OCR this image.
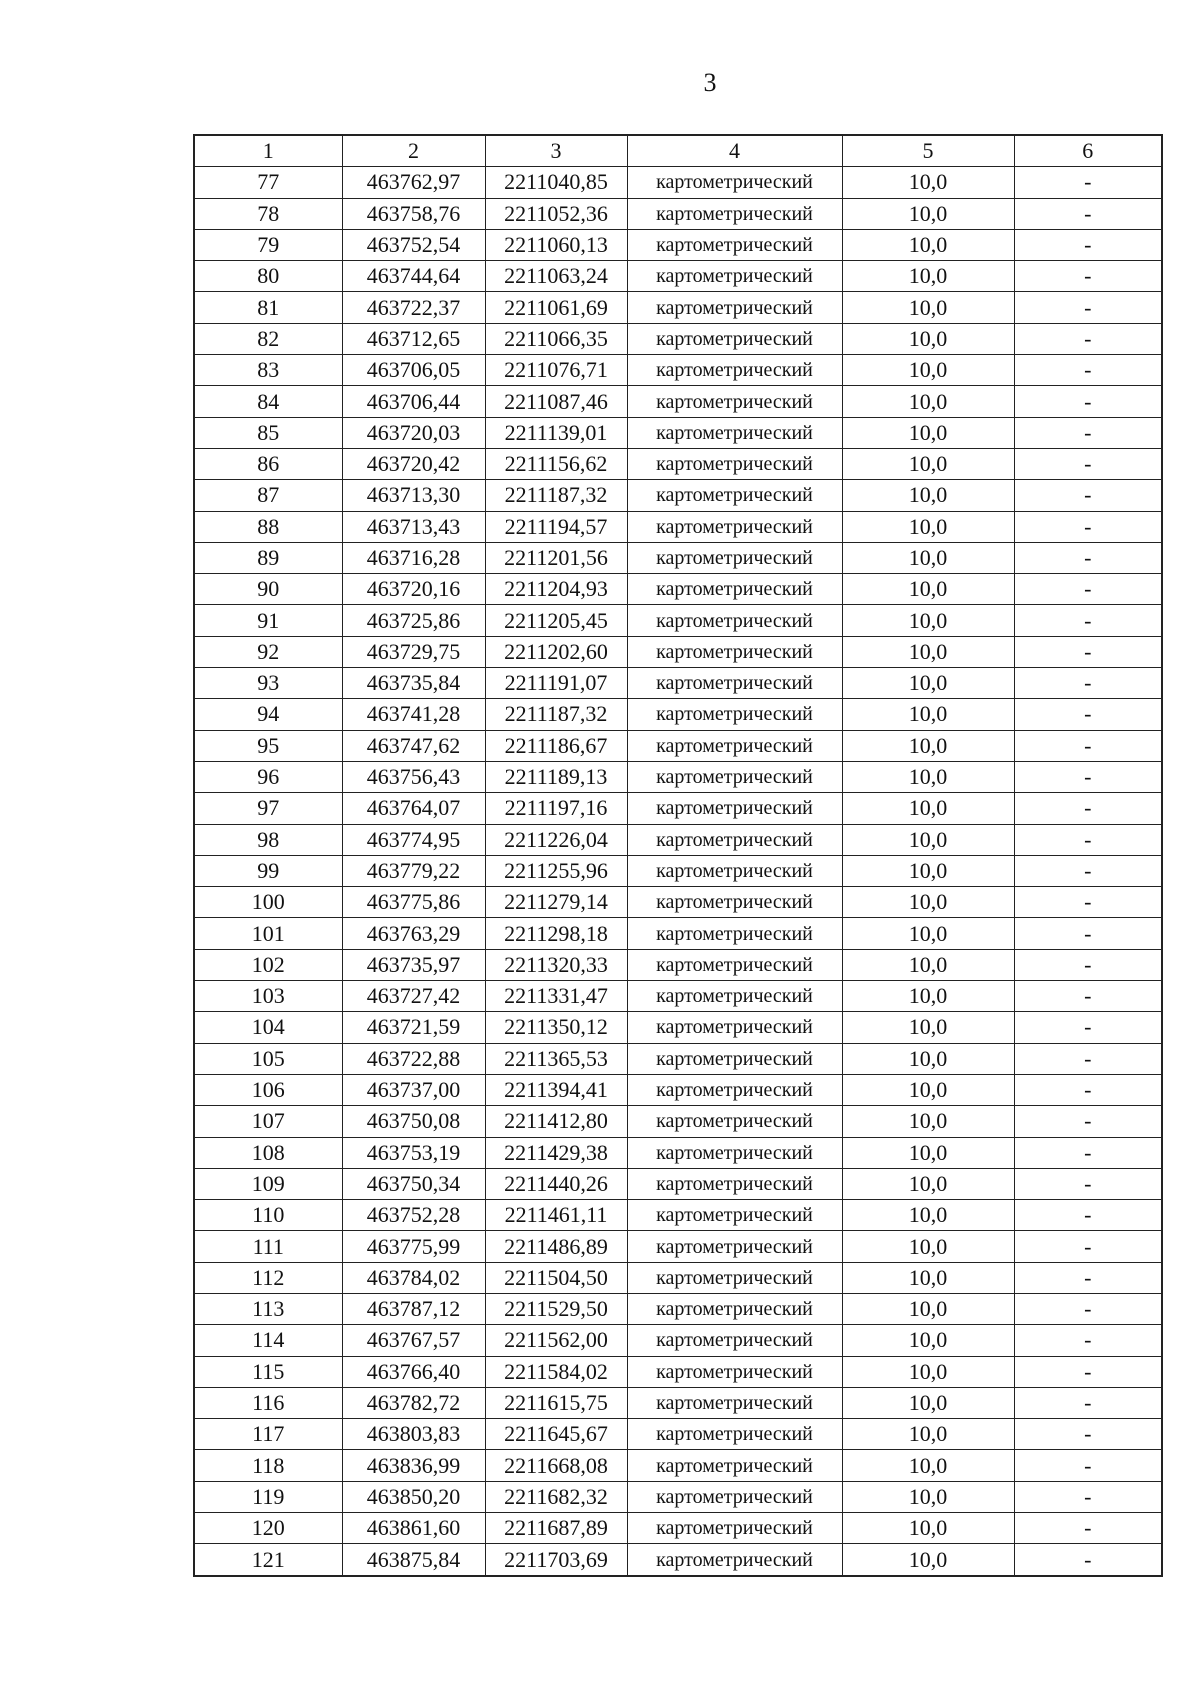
3
1	2	3	4	5	6
77	463762,97	2211040,85	картометрический	10,0	-
78	463758,76	2211052,36	картометрический	10,0	-
79	463752,54	2211060,13	картометрический	10,0	-
80	463744,64	2211063,24	картометрический	10,0	-
81	463722,37	2211061,69	картометрический	10,0	-
82	463712,65	2211066,35	картометрический	10,0	-
83	463706,05	2211076,71	картометрический	10,0	-
84	463706,44	2211087,46	картометрический	10,0	-
85	463720,03	2211139,01	картометрический	10,0	-
86	463720,42	2211156,62	картометрический	10,0	-
87	463713,30	2211187,32	картометрический	10,0	-
88	463713,43	2211194,57	картометрический	10,0	-
89	463716,28	2211201,56	картометрический	10,0	-
90	463720,16	2211204,93	картометрический	10,0	-
91	463725,86	2211205,45	картометрический	10,0	-
92	463729,75	2211202,60	картометрический	10,0	-
93	463735,84	2211191,07	картометрический	10,0	-
94	463741,28	2211187,32	картометрический	10,0	-
95	463747,62	2211186,67	картометрический	10,0	-
96	463756,43	2211189,13	картометрический	10,0	-
97	463764,07	2211197,16	картометрический	10,0	-
98	463774,95	2211226,04	картометрический	10,0	-
99	463779,22	2211255,96	картометрический	10,0	-
100	463775,86	2211279,14	картометрический	10,0	-
101	463763,29	2211298,18	картометрический	10,0	-
102	463735,97	2211320,33	картометрический	10,0	-
103	463727,42	2211331,47	картометрический	10,0	-
104	463721,59	2211350,12	картометрический	10,0	-
105	463722,88	2211365,53	картометрический	10,0	-
106	463737,00	2211394,41	картометрический	10,0	-
107	463750,08	2211412,80	картометрический	10,0	-
108	463753,19	2211429,38	картометрический	10,0	-
109	463750,34	2211440,26	картометрический	10,0	-
110	463752,28	2211461,11	картометрический	10,0	-
111	463775,99	2211486,89	картометрический	10,0	-
112	463784,02	2211504,50	картометрический	10,0	-
113	463787,12	2211529,50	картометрический	10,0	-
114	463767,57	2211562,00	картометрический	10,0	-
115	463766,40	2211584,02	картометрический	10,0	-
116	463782,72	2211615,75	картометрический	10,0	-
117	463803,83	2211645,67	картометрический	10,0	-
118	463836,99	2211668,08	картометрический	10,0	-
119	463850,20	2211682,32	картометрический	10,0	-
120	463861,60	2211687,89	картометрический	10,0	-
121	463875,84	2211703,69	картометрический	10,0	-
